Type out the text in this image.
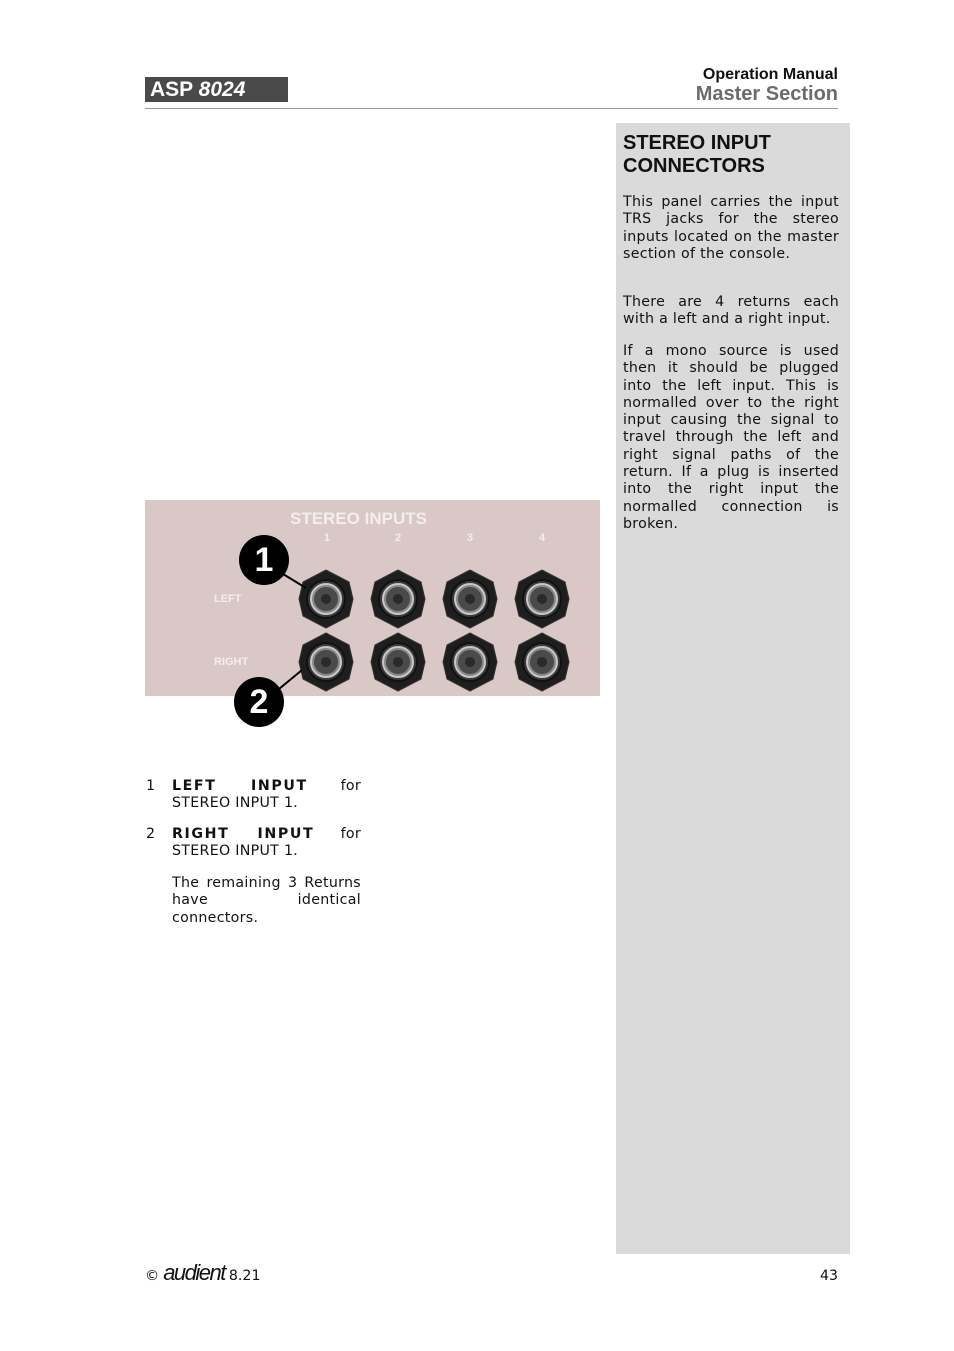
ASP 8024
Operation Manual
Master Section
STEREO INPUT CONNECTORS
This panel carries the input TRS jacks for the stereo inputs located on the master section of the console.
There are 4 returns each with a left and a right input.
If a mono source is used then it should be plugged into the left input. This is normalled over to the right input causing the signal to travel through the left and right signal paths of the return. If a plug is inserted into the right input the normalled connection is broken.
STEREO INPUTS
1	2	3	4
LEFT
RIGHT
1
2
1 LEFT INPUT for STEREO INPUT 1.
2 RIGHT INPUT for STEREO INPUT 1.
The remaining 3 Returns have identical connectors.
© audient 8.21	43
